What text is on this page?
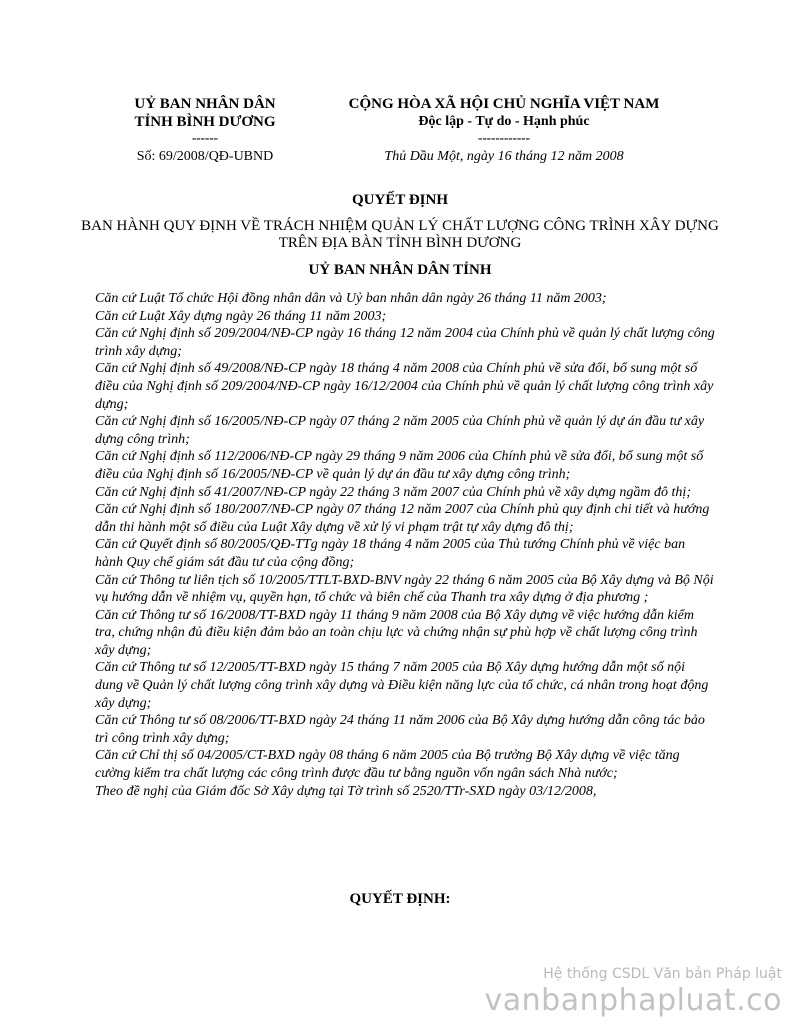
UỶ BAN NHÂN DÂN
TỈNH BÌNH DƯƠNG
------
CỘNG HÒA XÃ HỘI CHỦ NGHĨA VIỆT NAM
Độc lập - Tự do - Hạnh phúc
------------
Số: 69/2008/QĐ-UBND	Thủ Dầu Một, ngày 16 tháng 12 năm 2008
QUYẾT ĐỊNH
BAN HÀNH QUY ĐỊNH VỀ TRÁCH NHIỆM QUẢN LÝ CHẤT LƯỢNG CÔNG TRÌNH XÂY DỰNG TRÊN ĐỊA BÀN TỈNH BÌNH DƯƠNG
UỶ BAN NHÂN DÂN TỈNH
Căn cứ Luật Tổ chức Hội đồng nhân dân và Uỷ ban nhân dân ngày 26 tháng 11 năm 2003;
Căn cứ Luật Xây dựng ngày 26 tháng 11 năm 2003;
Căn cứ Nghị định số 209/2004/NĐ-CP ngày 16 tháng 12 năm 2004 của Chính phủ về quản lý chất lượng công trình xây dựng;
Căn cứ Nghị định số 49/2008/NĐ-CP ngày 18 tháng 4 năm 2008 của Chính phủ về sửa đổi, bổ sung một số điều của Nghị định số 209/2004/NĐ-CP ngày 16/12/2004 của Chính phủ về quản lý chất lượng công trình xây dựng;
Căn cứ Nghị định số 16/2005/NĐ-CP ngày 07 tháng 2 năm 2005 của Chính phủ về quản lý dự án đầu tư xây dựng công trình;
Căn cứ Nghị định số 112/2006/NĐ-CP ngày 29 tháng 9 năm 2006 của Chính phủ về sửa đổi, bổ sung một số điều của Nghị định số 16/2005/NĐ-CP về quản lý dự án đầu tư xây dựng công trình;
Căn cứ Nghị định số 41/2007/NĐ-CP ngày 22 tháng 3 năm 2007 của Chính phủ về xây dựng ngầm đô thị;
Căn cứ Nghị định số 180/2007/NĐ-CP ngày 07 tháng 12 năm 2007 của Chính phủ quy định chi tiết và hướng dẫn thi hành một số điều của Luật Xây dựng về xử lý vi phạm trật tự xây dựng đô thị;
Căn cứ Quyết định số 80/2005/QĐ-TTg ngày 18 tháng 4 năm 2005 của Thủ tướng Chính phủ về việc ban hành Quy chế giám sát đầu tư của cộng đồng;
Căn cứ Thông tư liên tịch số 10/2005/TTLT-BXD-BNV ngày 22 tháng 6 năm 2005 của Bộ Xây dựng và Bộ Nội vụ hướng dẫn về nhiệm vụ, quyền hạn, tổ chức và biên chế của Thanh tra xây dựng ở địa phương ;
Căn cứ Thông tư số 16/2008/TT-BXD ngày 11 tháng 9 năm 2008 của Bộ Xây dựng về việc hướng dẫn kiểm tra, chứng nhận đủ điều kiện đảm bảo an toàn chịu lực và chứng nhận sự phù hợp về chất lượng công trình xây dựng;
Căn cứ Thông tư số 12/2005/TT-BXD ngày 15 tháng 7 năm 2005 của Bộ Xây dựng hướng dẫn một số nội dung về Quản lý chất lượng công trình xây dựng và Điều kiện năng lực của tổ chức, cá nhân trong hoạt động xây dựng;
Căn cứ Thông tư số 08/2006/TT-BXD ngày 24 tháng 11 năm 2006 của Bộ Xây dựng hướng dẫn công tác bảo trì công trình xây dựng;
Căn cứ Chỉ thị số 04/2005/CT-BXD ngày 08 tháng 6 năm 2005 của Bộ trưởng Bộ Xây dựng về việc tăng cường kiểm tra chất lượng các công trình được đầu tư bằng nguồn vốn ngân sách Nhà nước;
Theo đề nghị của Giám đốc Sở Xây dựng tại Tờ trình số 2520/TTr-SXD ngày 03/12/2008,
QUYẾT ĐỊNH:
Hệ thống CSDL Văn bản Pháp luật
vanbanphapluat.co
